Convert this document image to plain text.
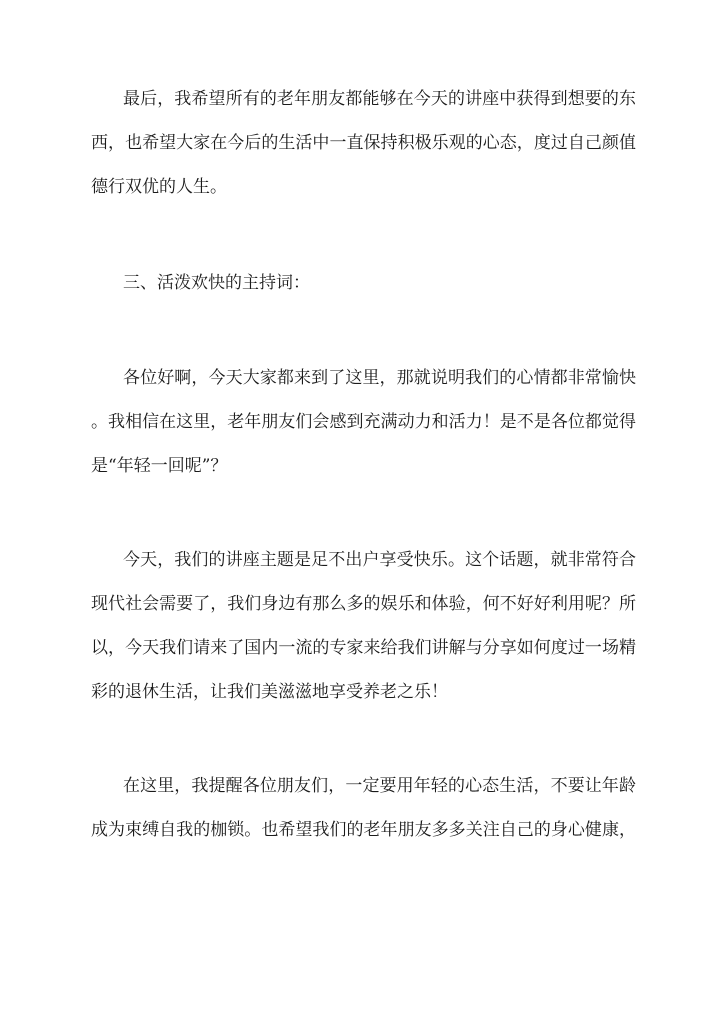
最后，我希望所有的老年朋友都能够在今天的讲座中获得到想要的东
西，也希望大家在今后的生活中一直保持积极乐观的心态，度过自己颜值
德行双优的人生。
三、活泼欢快的主持词：
各位好啊，今天大家都来到了这里，那就说明我们的心情都非常愉快
。我相信在这里，老年朋友们会感到充满动力和活力！是不是各位都觉得
是“年轻一回呢”？
今天，我们的讲座主题是足不出户享受快乐。这个话题，就非常符合
现代社会需要了，我们身边有那么多的娱乐和体验，何不好好利用呢？所
以，今天我们请来了国内一流的专家来给我们讲解与分享如何度过一场精
彩的退休生活，让我们美滋滋地享受养老之乐！
在这里，我提醒各位朋友们，一定要用年轻的心态生活，不要让年龄
成为束缚自我的枷锁。也希望我们的老年朋友多多关注自己的身心健康，
